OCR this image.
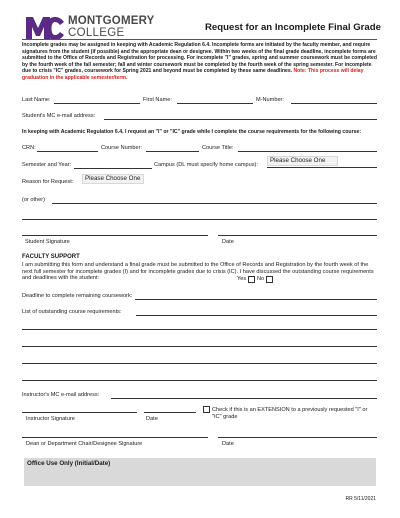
MONTGOMERY
COLLEGE	Request for an Incomplete Final Grade
Incomplete grades may be assigned in keeping with Academic Regulation 6.4. Incomplete forms are initiated by the faculty member, and require signatures from the student (if possible) and the appropriate dean or designee. Within two weeks of the final grade deadline, incomplete forms are submitted to the Office of Records and Registration for processing. For incomplete "I" grades, spring and summer coursework must be completed by the fourth week of the fall semester; fall and winter coursework must be completed by the fourth week of the spring semester. For incomplete due to crisis "IC" grades, coursework for Spring 2021 and beyond must be completed by these same deadlines. Note: This process will delay graduation in the applicable semester/term.
Last Name:	First Name:	M-Number:
Student's MC e-mail address:
In keeping with Academic Regulation 6.4, I request an "I" or "IC" grade while I complete the course requirements for the following course:
CRN:	Course Number:	Course Title:
Semester and Year:	Campus (DL must specify home campus):
Please Choose One
Reason for Request:	Please Choose One
(or other)
Student Signature	Date
FACULTY SUPPORT
I am submitting this form and understand a final grade must be submitted to the Office of Records and Registration by the fourth week of the next full semester for incomplete grades (I) and for incomplete grades due to crisis (IC). I have discussed the outstanding course requirements and deadlines with the student:	Yes No
Deadline to complete remaining coursework:
List of outstanding course requirements:
Instructor's MC e-mail address:
Instructor Signature	Date
Check if this is an EXTENSION to a previously requested "I" or "IC" grade
Dean or Department Chair/Designee Signature	Date
Office Use Only (Initial/Date)
RR 5/11/2021
